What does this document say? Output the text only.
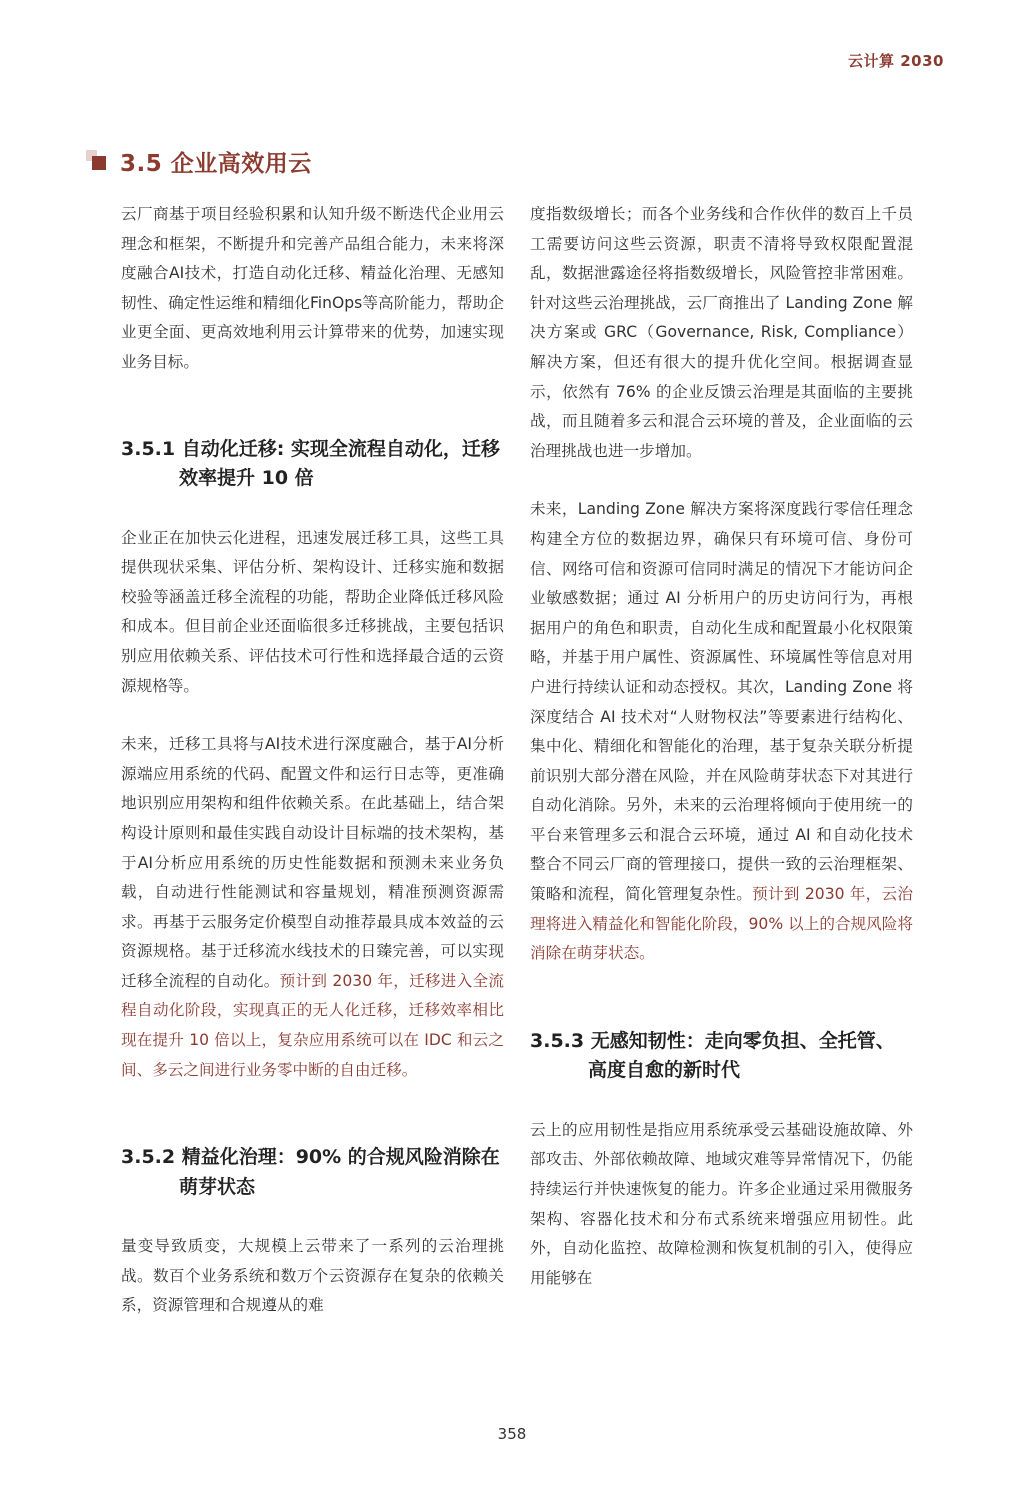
云计算 2030
3.5 企业高效用云

云厂商基于项目经验积累和认知升级不断迭代企业用云理念和框架，不断提升和完善产品组合能力，未来将深度融合AI技术，打造自动化迁移、精益化治理、无感知韧性、确定性运维和精细化FinOps等高阶能力，帮助企业更全面、更高效地利用云计算带来的优势，加速实现业务目标。

3.5.1 自动化迁移: 实现全流程自动化，迁移效率提升 10 倍

企业正在加快云化进程，迅速发展迁移工具，这些工具提供现状采集、评估分析、架构设计、迁移实施和数据校验等涵盖迁移全流程的功能，帮助企业降低迁移风险和成本。但目前企业还面临很多迁移挑战，主要包括识别应用依赖关系、评估技术可行性和选择最合适的云资源规格等。

未来，迁移工具将与AI技术进行深度融合，基于AI分析源端应用系统的代码、配置文件和运行日志等，更准确地识别应用架构和组件依赖关系。在此基础上，结合架构设计原则和最佳实践自动设计目标端的技术架构，基于AI分析应用系统的历史性能数据和预测未来业务负载，自动进行性能测试和容量规划，精准预测资源需求。再基于云服务定价模型自动推荐最具成本效益的云资源规格。基于迁移流水线技术的日臻完善，可以实现迁移全流程的自动化。预计到 2030 年，迁移进入全流程自动化阶段，实现真正的无人化迁移，迁移效率相比现在提升 10 倍以上，复杂应用系统可以在 IDC 和云之间、多云之间进行业务零中断的自由迁移。

3.5.2 精益化治理：90% 的合规风险消除在萌芽状态

量变导致质变，大规模上云带来了一系列的云治理挑战。数百个业务系统和数万个云资源存在复杂的依赖关系，资源管理和合规遵从的难

度指数级增长；而各个业务线和合作伙伴的数百上千员工需要访问这些云资源，职责不清将导致权限配置混乱，数据泄露途径将指数级增长，风险管控非常困难。针对这些云治理挑战，云厂商推出了 Landing Zone 解决方案或 GRC（Governance, Risk, Compliance）解决方案，但还有很大的提升优化空间。根据调查显示，依然有 76% 的企业反馈云治理是其面临的主要挑战，而且随着多云和混合云环境的普及，企业面临的云治理挑战也进一步增加。

未来，Landing Zone 解决方案将深度践行零信任理念构建全方位的数据边界，确保只有环境可信、身份可信、网络可信和资源可信同时满足的情况下才能访问企业敏感数据；通过 AI 分析用户的历史访问行为，再根据用户的角色和职责，自动化生成和配置最小化权限策略，并基于用户属性、资源属性、环境属性等信息对用户进行持续认证和动态授权。其次，Landing Zone 将深度结合 AI 技术对“人财物权法”等要素进行结构化、集中化、精细化和智能化的治理，基于复杂关联分析提前识别大部分潜在风险，并在风险萌芽状态下对其进行自动化消除。另外，未来的云治理将倾向于使用统一的平台来管理多云和混合云环境，通过 AI 和自动化技术整合不同云厂商的管理接口，提供一致的云治理框架、策略和流程，简化管理复杂性。预计到 2030 年，云治理将进入精益化和智能化阶段，90% 以上的合规风险将消除在萌芽状态。

3.5.3 无感知韧性：走向零负担、全托管、高度自愈的新时代

云上的应用韧性是指应用系统承受云基础设施故障、外部攻击、外部依赖故障、地域灾难等异常情况下，仍能持续运行并快速恢复的能力。许多企业通过采用微服务架构、容器化技术和分布式系统来增强应用韧性。此外，自动化监控、故障检测和恢复机制的引入，使得应用能够在

358
